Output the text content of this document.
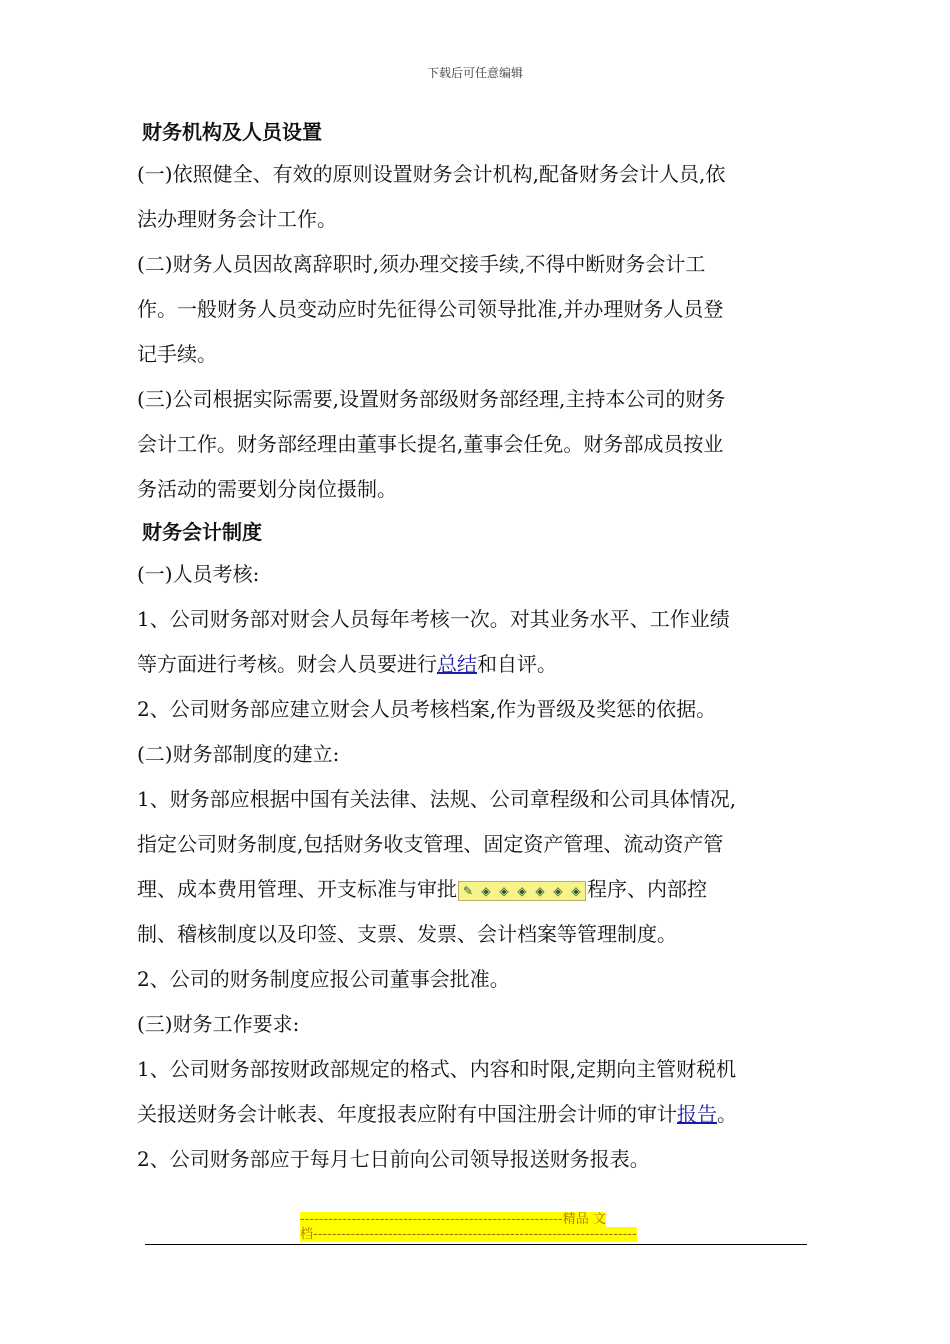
下载后可任意编辑
财务机构及人员设置
(一)依照健全、有效的原则设置财务会计机构,配备财务会计人员,依
法办理财务会计工作。
(二)财务人员因故离辞职时,须办理交接手续,不得中断财务会计工
作。一般财务人员变动应时先征得公司领导批准,并办理财务人员登
记手续。
(三)公司根据实际需要,设置财务部级财务部经理,主持本公司的财务
会计工作。财务部经理由董事长提名,董事会任免。财务部成员按业
务活动的需要划分岗位摄制。
财务会计制度
(一)人员考核:
1、公司财务部对财会人员每年考核一次。对其业务水平、工作业绩
等方面进行考核。财会人员要进行总结和自评。
2、公司财务部应建立财会人员考核档案,作为晋级及奖惩的依据。
(二)财务部制度的建立:
1、财务部应根据中国有关法律、法规、公司章程级和公司具体情况,
指定公司财务制度,包括财务收支管理、固定资产管理、流动资产管
理、成本费用管理、开支标准与审批 ✎ ◈ ◈ ◈ ◈ ◈ ◈ 程序、内部控
制、稽核制度以及印签、支票、发票、会计档案等管理制度。
2、公司的财务制度应报公司董事会批准。
(三)财务工作要求:
1、公司财务部按财政部规定的格式、内容和时限,定期向主管财税机
关报送财务会计帐表、年度报表应附有中国注册会计师的审计报告。
2、公司财务部应于每月七日前向公司领导报送财务报表。
--------------------------------------------------------精品 文
档---------------------------------------------------------------------
